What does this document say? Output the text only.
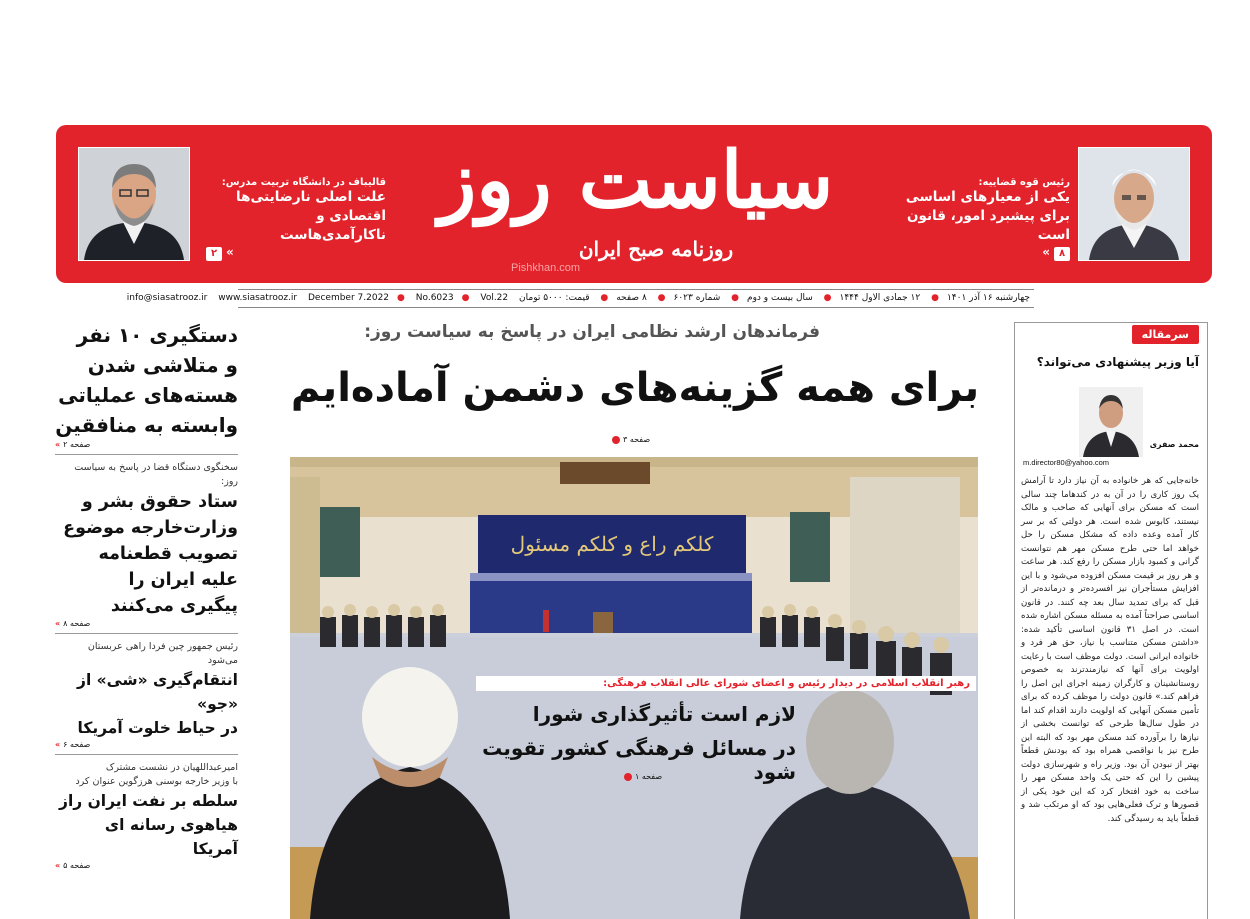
رئیس قوه قضاییه:
یکی از معیارهای اساسی
برای پیشبرد امور، قانون است
۸
»
سیاست روز
روزنامه صبح ایران
Pishkhan.com
قالیباف در دانشگاه تربیت مدرس:
علت اصلی نارضایتی‌ها
اقتصادی و ناکارآمدی‌هاست
۲ »
چهارشنبه ۱۶ آذر ۱۴۰۱● ۱۲ جمادی الاول ۱۴۴۴● سال بیست و دوم● شماره ۶۰۲۳● ۸ صفحه● قیمت: ۵۰۰۰ تومان info@siasatrooz.ir www.siasatrooz.ir December 7.2022 ● No.6023 ● Vol.22
فرماندهان ارشد نظامی ایران در پاسخ به سیاست روز:
برای همه گزینه‌های دشمن آماده‌ایم
صفحه ۳
کلکم راع و کلکم مسئول
رهبر انقلاب اسلامی در دیدار رئیس و اعضای شورای عالی انقلاب فرهنگی:
لازم است تأثیرگذاری شورا
در مسائل فرهنگی کشور تقویت شود
صفحه ۱
دستگیری ۱۰ نفر
و متلاشی شدن
هسته‌های عملیاتی
وابسته به منافقین
« صفحه ۲
سخنگوی دستگاه قضا در پاسخ به سیاست روز:
ستاد حقوق بشر و
وزارت‌خارجه موضوع
تصویب قطعنامه
علیه ایران را
پیگیری می‌کنند
« صفحه ۸
رئیس جمهور چین فردا راهی عربستان می‌شود
انتقام‌گیری «شی» از «جو»
در حیاط خلوت آمریکا
« صفحه ۶
امیرعبداللهیان در نشست مشترک
با وزیر خارجه بوسنی هرزگوین عنوان کرد
سلطه بر نفت ایران راز
هیاهوی رسانه ای آمریکا
« صفحه ۵
سرمقاله
آیا وزیر پیشنهادی می‌تواند؟
محمد صفری
m.director80@yahoo.com
خانه‌جایی که هر خانواده به آن نیاز دارد تا آرامش یک روز کاری را در آن به در کندهاما چند سالی است که مسکن برای آنهایی که صاحب و مالک نیستند، کابوس شده است. هر دولتی که بر سر کار آمده وعده داده که مشکل مسکن را حل خواهد اما حتی طرح مسکن مهر هم نتوانست گرانی و کمبود بازار مسکن را رفع کند. هر ساعت و هر روز بر قیمت مسکن افزوده می‌شود و با این افزایش مستأجران نیز افسرده‌تر و درمانده‌تر از قبل که برای تمدید سال بعد چه کنند. در قانون اساسی صراحتاً آمده به مسئله مسکن اشاره شده است. در اصل ۳۱ قانون اساسی تأکید شده: «داشتن مسکن متناسب با نیاز، حق هر فرد و خانواده ایرانی است. دولت موظف است با رعایت اولویت برای آنها که نیازمندترند به خصوص روستانشینان و کارگران زمینه اجرای این اصل را فراهم کند.» قانون دولت را موظف کرده که برای تأمین مسکن آنهایی که اولویت دارند اقدام کند اما در طول سال‌ها طرحی که توانست بخشی از نیازها را برآورده کند مسکن مهر بود که البته این طرح نیز با نواقصی همراه بود که بودنش قطعاً بهتر از نبودن آن بود. وزیر راه و شهرسازی دولت پیشین را این که حتی یک واحد مسکن مهر را ساخت به خود افتخار کرد که این خود یکی از قصورها و ترک فعلی‌هایی بود که او مرتکب شد و قطعاً باید به رسیدگی کند.
